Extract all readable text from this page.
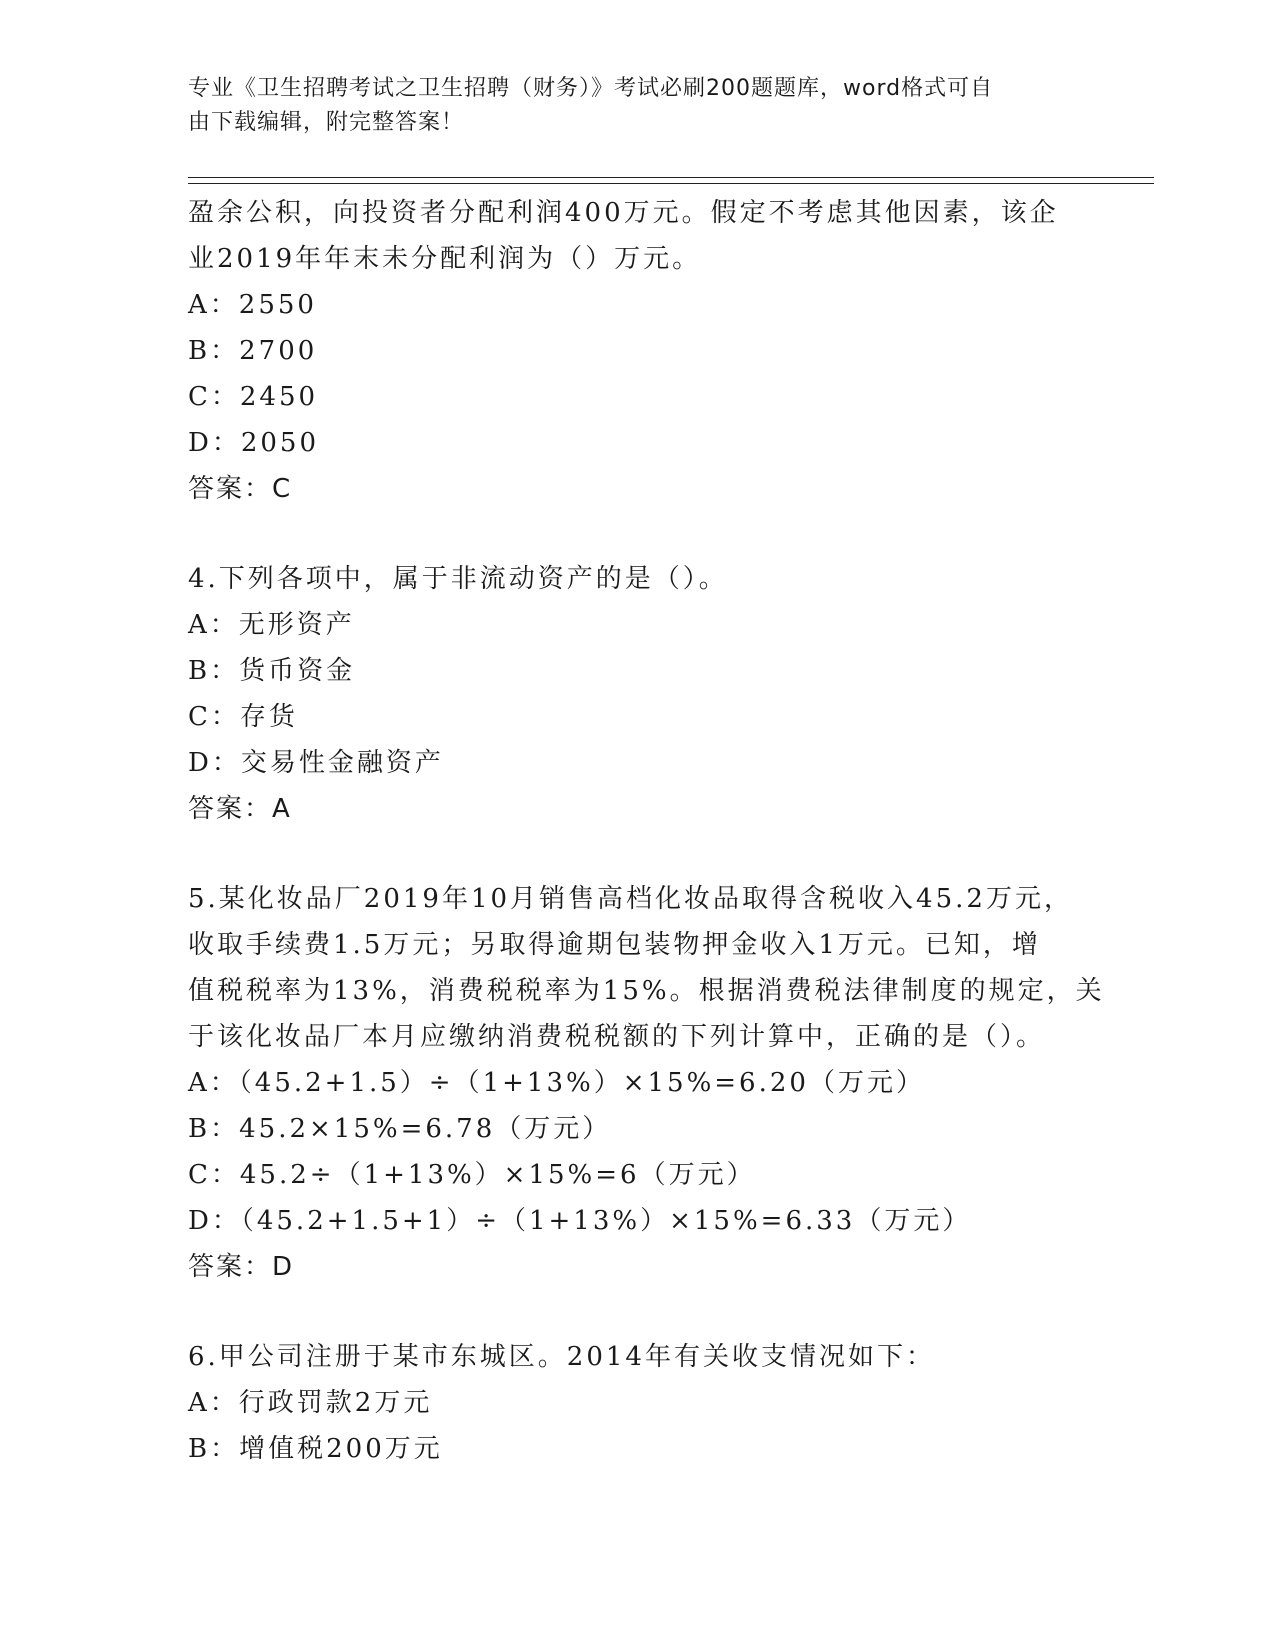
专业《卫生招聘考试之卫生招聘（财务）》考试必刷200题题库，word格式可自
由下载编辑，附完整答案！
盈余公积，向投资者分配利润400万元。假定不考虑其他因素，该企
业2019年年末未分配利润为（）万元。
A：2550
B：2700
C：2450
D：2050
答案：C
4.下列各项中，属于非流动资产的是（）。
A：无形资产
B：货币资金
C：存货
D：交易性金融资产
答案：A
5.某化妆品厂2019年10月销售高档化妆品取得含税收入45.2万元，
收取手续费1.5万元；另取得逾期包装物押金收入1万元。已知，增
值税税率为13%，消费税税率为15%。根据消费税法律制度的规定，关
于该化妆品厂本月应缴纳消费税税额的下列计算中，正确的是（）。
A：（45.2+1.5）÷（1+13%）×15%=6.20（万元）
B：45.2×15%=6.78（万元）
C：45.2÷（1+13%）×15%=6（万元）
D：（45.2+1.5+1）÷（1+13%）×15%=6.33（万元）
答案：D
6.甲公司注册于某市东城区。2014年有关收支情况如下：
A：行政罚款2万元
B：增值税200万元
